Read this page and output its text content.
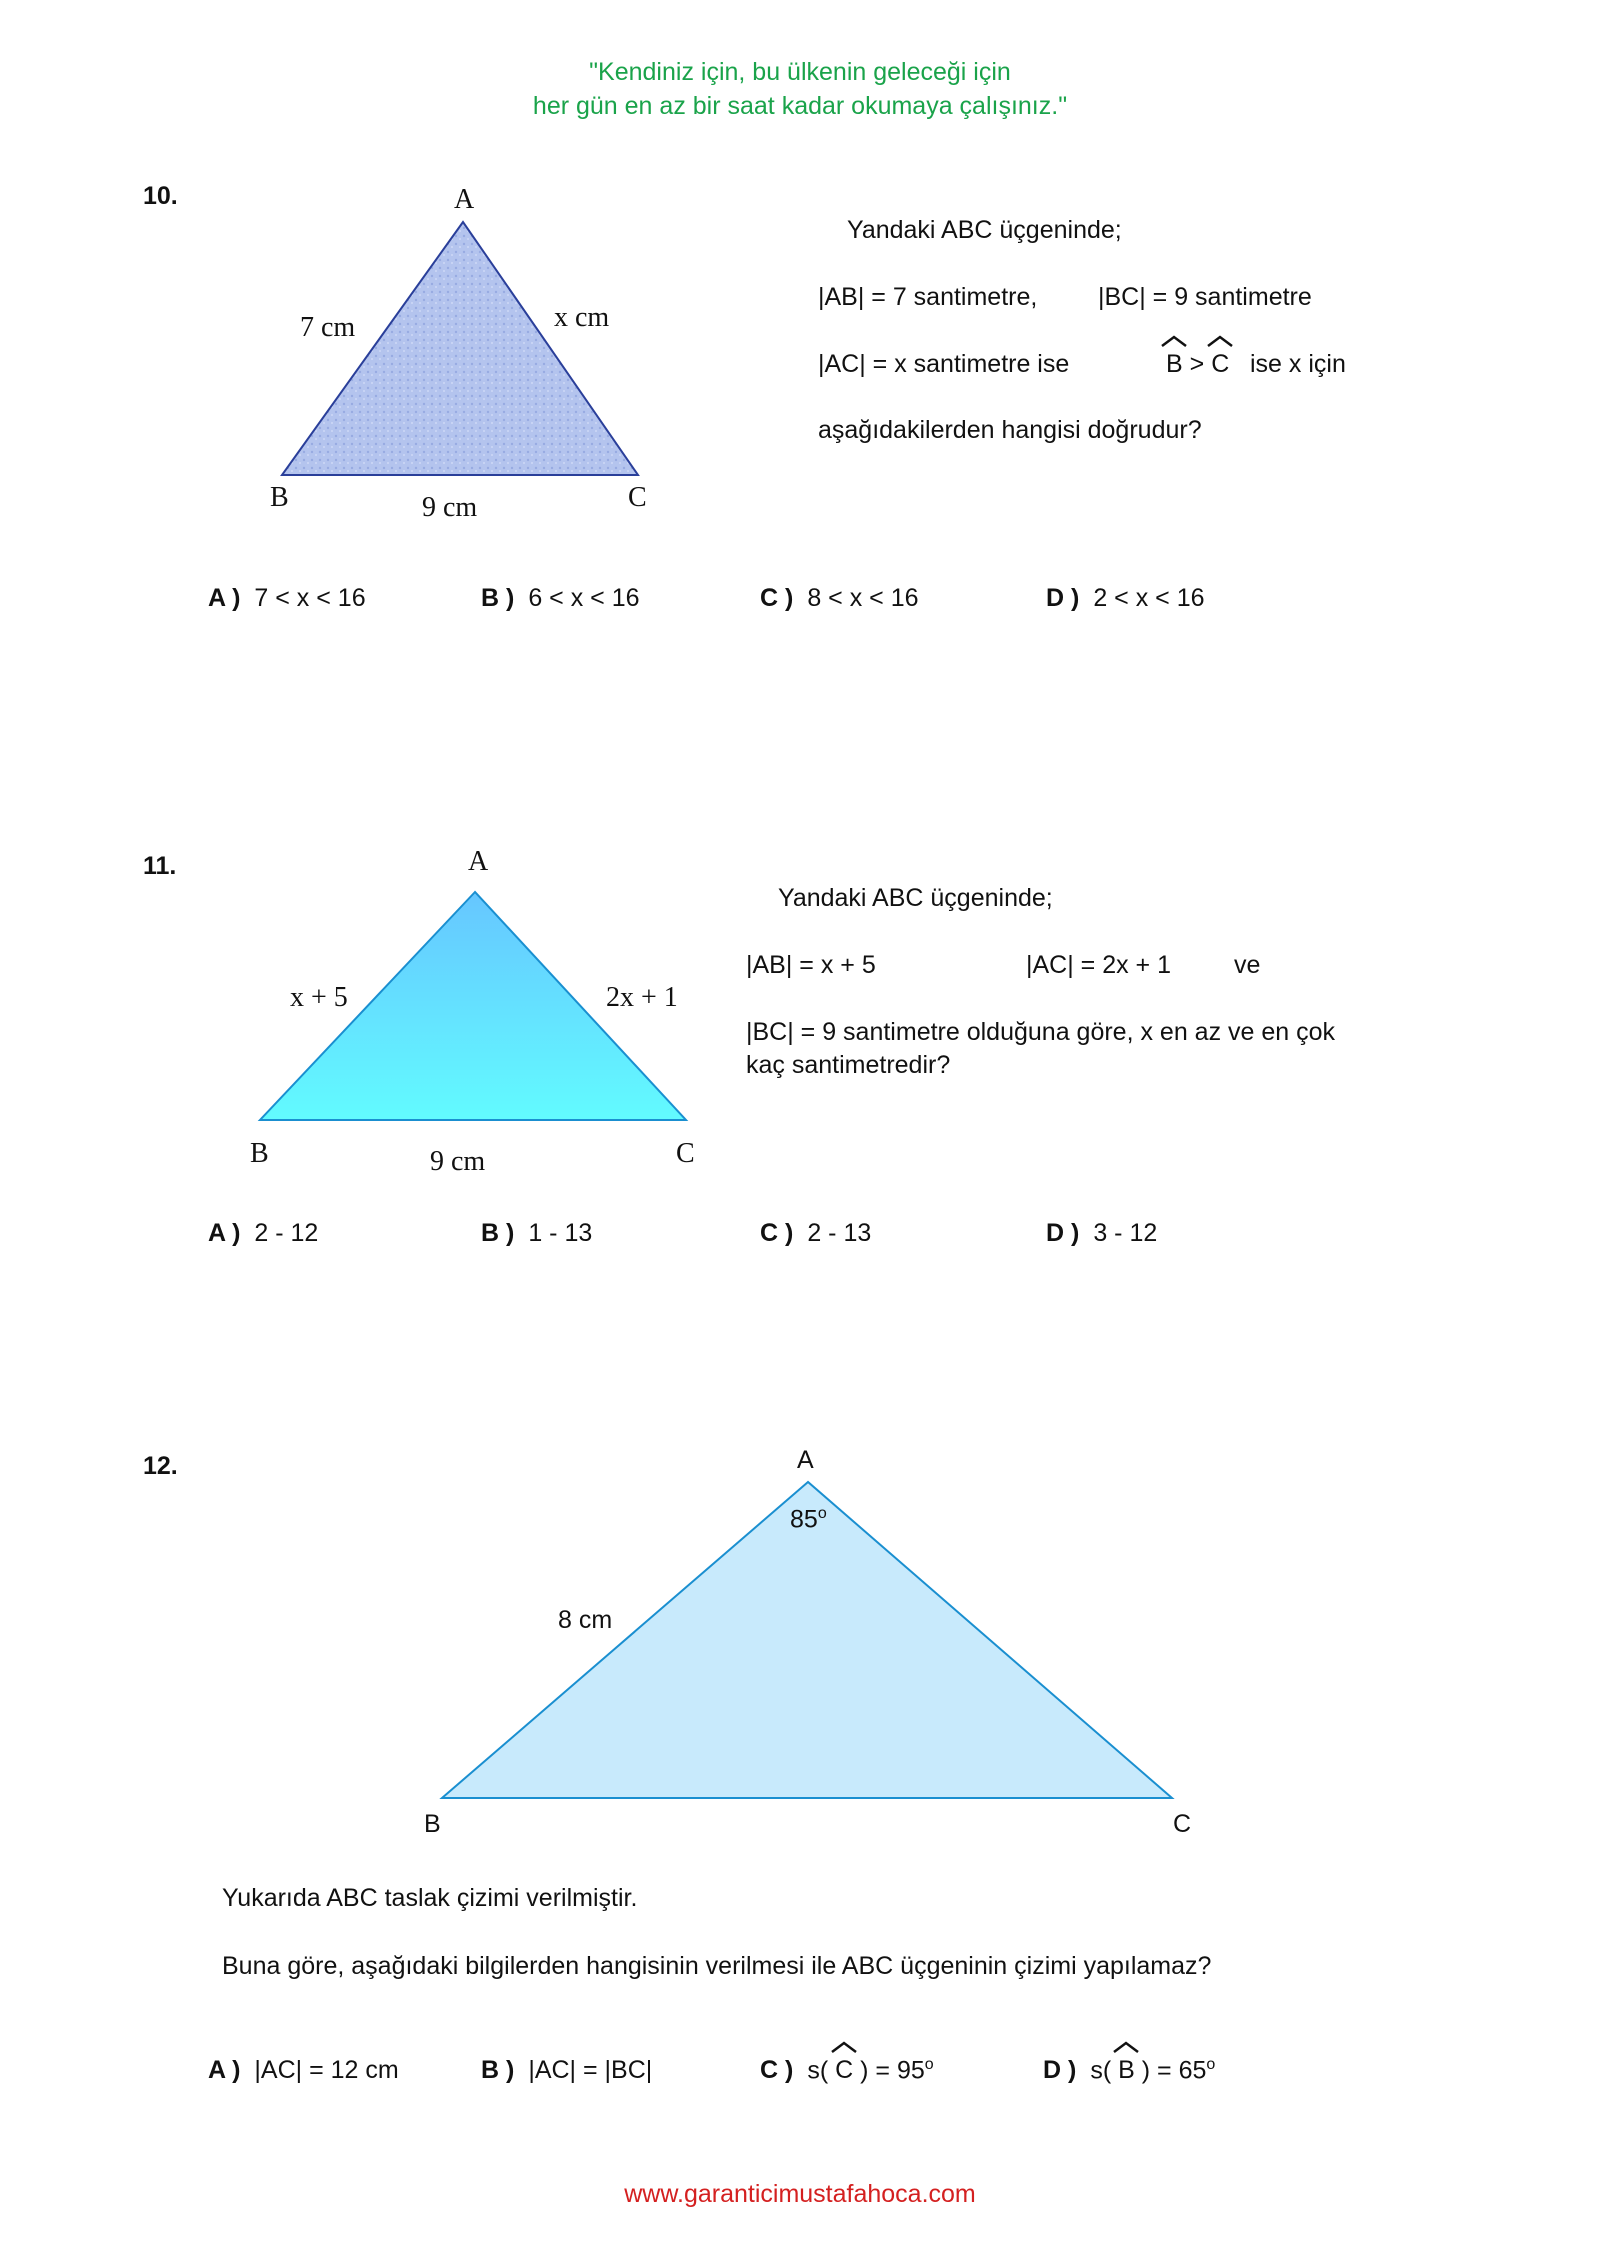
"Kendiniz için, bu ülkenin geleceği için
her gün en az bir saat kadar okumaya çalışınız."
10.	A
7 cm	x cm
B	9 cm	C
Yandaki ABC üçgeninde;
|AB| = 7 santimetre, |BC| = 9 santimetre
|AC| = x santimetre ise	B > C ise x için
aşağıdakilerden hangisi doğrudur?
A ) 7 < x < 16	B ) 6 < x < 16	C ) 8 < x < 16	D ) 2 < x < 16
11.	A
x + 5	2x + 1
B	9 cm	C
Yandaki ABC üçgeninde;
|AB| = x + 5	|AC| = 2x + 1	ve
|BC| = 9 santimetre olduğuna göre, x en az ve en çok
kaç santimetredir?
A ) 2 - 12	B ) 1 - 13	C ) 2 - 13	D ) 3 - 12
12.	A
85$^o$
8 cm
B	C
Yukarıda ABC taslak çizimi verilmiştir.
Buna göre, aşağıdaki bilgilerden hangisinin verilmesi ile ABC üçgeninin çizimi yapılamaz?
A ) |AC| = 12 cm	B ) |AC| = |BC|	C ) s( C ) = $95^o$	D ) s( B ) = $65^o$
www.garanticimustafahoca.com
